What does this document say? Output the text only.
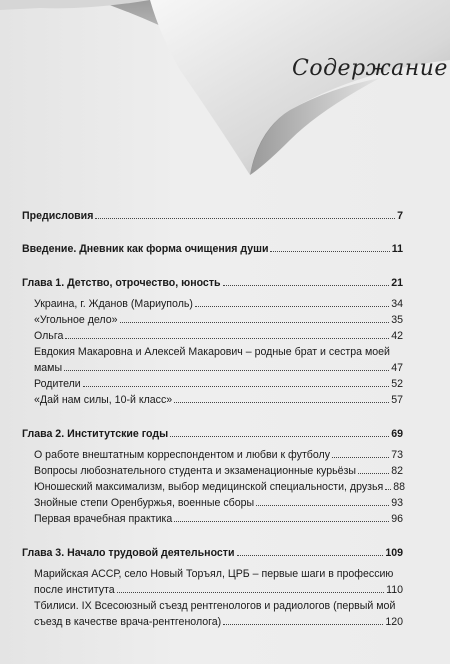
Содержание
Предисловия	7
Введение. Дневник как форма очищения души	11
Глава 1. Детство, отрочество, юность	21
Украина, г. Жданов (Мариуполь)	34
«Угольное дело»	35
Ольга	42
Евдокия Макаровна и Алексей Макарович – родные брат и сестра моей
мамы	47
Родители	52
«Дай нам силы, 10-й класс»	57
Глава 2. Институтские годы	69
О работе внештатным корреспондентом и любви к футболу	73
Вопросы любознательного студента и экзаменационные курьёзы	82
Юношеский максимализм, выбор медицинской специальности, друзья 88
Знойные степи Оренбуржья, военные сборы	93
Первая врачебная практика	96
Глава 3. Начало трудовой деятельности	109
Марийская АССР, село Новый Торъял, ЦРБ – первые шаги в профессию
после института	110
Тбилиси. IX Всесоюзный съезд рентгенологов и радиологов (первый мой
съезд в качестве врача-рентгенолога)	120
